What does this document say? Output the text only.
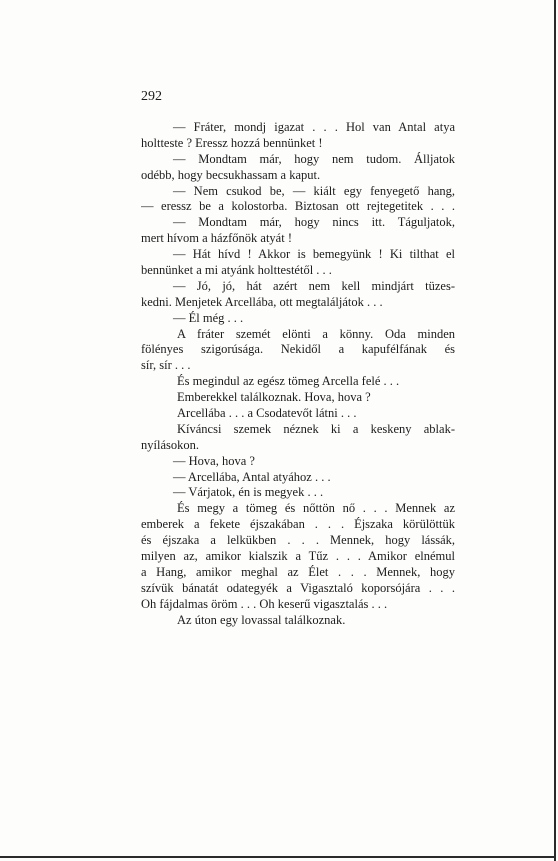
292
— Fráter, mondj igazat . . . Hol van Antal atya
holtteste ? Eressz hozzá bennünket !
— Mondtam már, hogy nem tudom. Álljatok
odébb, hogy becsukhassam a kaput.
— Nem csukod be, — kiált egy fenyegető hang,
— eressz be a kolostorba. Biztosan ott rejtegetitek . . .
— Mondtam már, hogy nincs itt. Táguljatok,
mert hívom a házfőnök atyát !
— Hát hívd ! Akkor is bemegyünk ! Ki tilthat el
bennünket a mi atyánk holttestétől . . .
— Jó, jó, hát azért nem kell mindjárt tüzes-
kedni. Menjetek Arcellába, ott megtaláljátok . . .
— Él még . . .
A fráter szemét elönti a könny. Oda minden
fölényes szigorúsága. Nekidől a kapufélfának és
sír, sír . . .
És megindul az egész tömeg Arcella felé . . .
Emberekkel találkoznak. Hova, hova ?
Arcellába . . . a Csodatevőt látni . . .
Kíváncsi szemek néznek ki a keskeny ablak-
nyílásokon.
— Hova, hova ?
— Arcellába, Antal atyához . . .
— Várjatok, én is megyek . . .
És megy a tömeg és nőttön nő . . . Mennek az
emberek a fekete éjszakában . . . Éjszaka körülöttük
és éjszaka a lelkükben . . . Mennek, hogy lássák,
milyen az, amikor kialszik a Tűz . . . Amikor elnémul
a Hang, amikor meghal az Élet . . . Mennek, hogy
szívük bánatát odategyék a Vigasztaló koporsójára . . .
Oh fájdalmas öröm . . . Oh keserű vigasztalás . . .
Az úton egy lovassal találkoznak.
